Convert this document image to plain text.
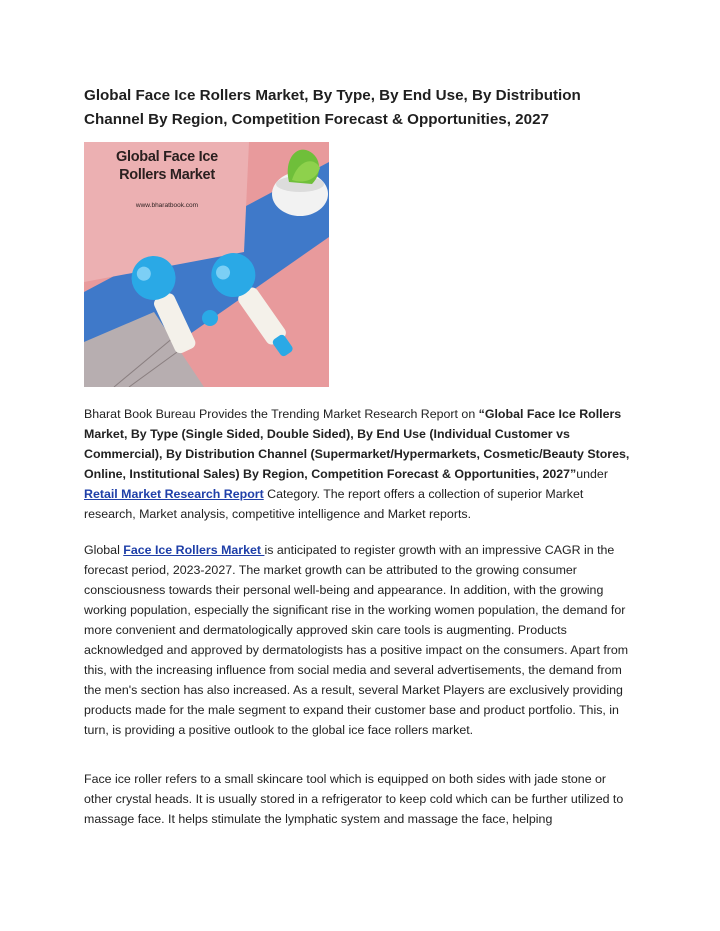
Global Face Ice Rollers Market, By Type, By End Use, By Distribution Channel By Region, Competition Forecast & Opportunities, 2027
Global Face Ice Rollers Market
www.bharatbook.com
Bharat Book Bureau Provides the Trending Market Research Report on “Global Face Ice Rollers Market, By Type (Single Sided, Double Sided), By End Use (Individual Customer vs Commercial), By Distribution Channel (Supermarket/Hypermarkets, Cosmetic/Beauty Stores, Online, Institutional Sales) By Region, Competition Forecast & Opportunities, 2027”under Retail Market Research Report Category. The report offers a collection of superior Market research, Market analysis, competitive intelligence and Market reports.
Global Face Ice Rollers Market is anticipated to register growth with an impressive CAGR in the forecast period, 2023-2027. The market growth can be attributed to the growing consumer consciousness towards their personal well-being and appearance. In addition, with the growing working population, especially the significant rise in the working women population, the demand for more convenient and dermatologically approved skin care tools is augmenting. Products acknowledged and approved by dermatologists has a positive impact on the consumers. Apart from this, with the increasing influence from social media and several advertisements, the demand from the men's section has also increased. As a result, several Market Players are exclusively providing products made for the male segment to expand their customer base and product portfolio. This, in turn, is providing a positive outlook to the global ice face rollers market.
Face ice roller refers to a small skincare tool which is equipped on both sides with jade stone or other crystal heads. It is usually stored in a refrigerator to keep cold which can be further utilized to massage face. It helps stimulate the lymphatic system and massage the face, helping
